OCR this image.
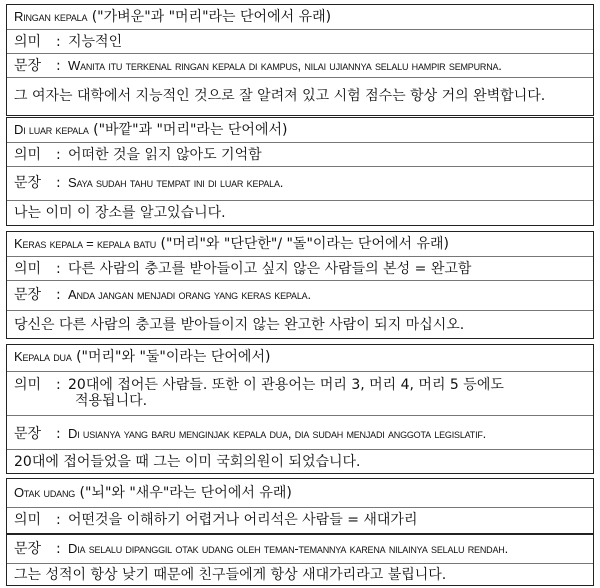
Ringan kepala ("가벼운"과 "머리"라는 단어에서 유래)
의미 : 지능적인
문장 : Wanita itu terkenal ringan kepala di kampus, nilai ujiannya selalu hampir sempurna.
그 여자는 대학에서 지능적인 것으로 잘 알려져 있고 시험 점수는 항상 거의 완벽합니다.
Di luar kepala ("바깥"과 "머리"라는 단어에서)
의미 : 어떠한 것을 읽지 않아도 기억함
문장 : Saya sudah tahu tempat ini di luar kepala.
나는 이미 이 장소를 알고있습니다.
Keras kepala = kepala batu ("머리"와 "단단한"/ "돌"이라는 단어에서 유래)
의미 : 다른 사람의 충고를 받아들이고 싶지 않은 사람들의 본성 = 완고함
문장 : Anda jangan menjadi orang yang keras kepala.
당신은 다른 사람의 충고를 받아들이지 않는 완고한 사람이 되지 마십시오.
Kepala dua ("머리"와 "둘"이라는 단어에서)
의미 : 20대에 접어든 사람들. 또한 이 관용어는 머리 3, 머리 4, 머리 5 등에도
적용됩니다.
문장 : Di usianya yang baru menginjak kepala dua, dia sudah menjadi anggota legislatif.
20대에 접어들었을 때 그는 이미 국회의원이 되었습니다.
Otak udang ("뇌"와 "새우"라는 단어에서 유래)
의미 : 어떤것을 이해하기 어렵거나 어리석은 사람들 = 새대가리
문장 : Dia selalu dipanggil otak udang oleh teman-temannya karena nilainya selalu rendah.
그는 성적이 항상 낮기 때문에 친구들에게 항상 새대가리라고 불립니다.
